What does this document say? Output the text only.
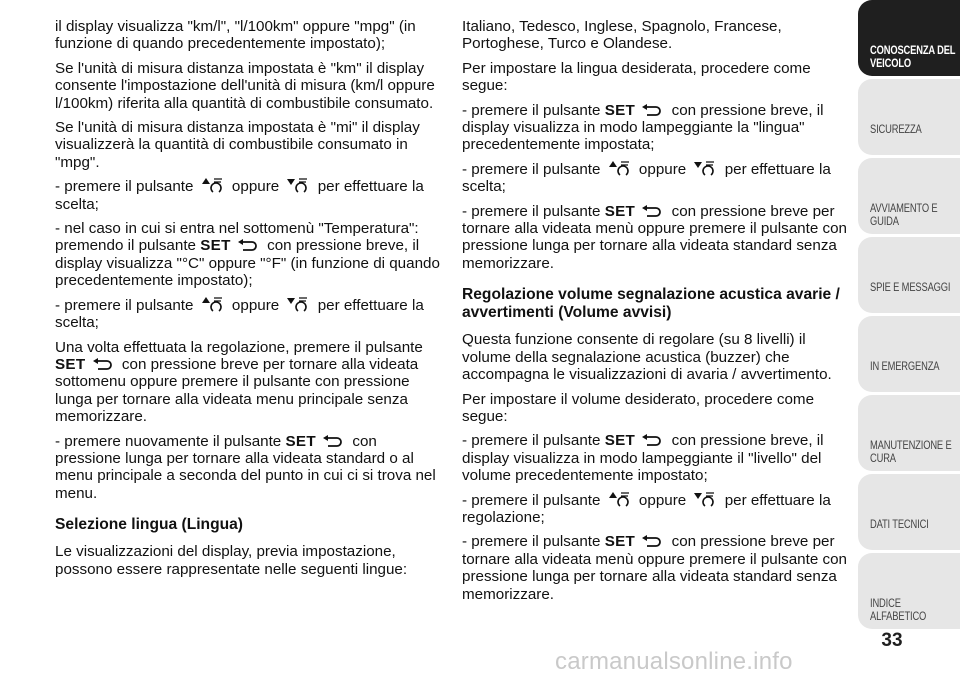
il display visualizza "km/l", "l/100km" oppure "mpg" (in funzione di quando precedentemente impostato);

Se l'unità di misura distanza impostata è "km" il display consente l'impostazione dell'unità di misura (km/l oppure l/100km) riferita alla quantità di combustibile consumato.

Se l'unità di misura distanza impostata è "mi" il display visualizzerà la quantità di combustibile consumato in "mpg".

- premere il pulsante	oppure	per effettuare la scelta;

- nel caso in cui si entra nel sottomenù "Temperatura": premendo il pulsante SET con pressione breve, il display visualizza "°C" oppure "°F" (in funzione di quando precedentemente impostato);

- premere il pulsante	oppure	per effettuare la scelta;

Una volta effettuata la regolazione, premere il pulsante SET con pressione breve per tornare alla videata sottomenu oppure premere il pulsante con pressione lunga per tornare alla videata menu principale senza memorizzare.

- premere nuovamente il pulsante SET con pressione lunga per tornare alla videata standard o al menu principale a seconda del punto in cui ci si trova nel menu.

Selezione lingua (Lingua)

Le visualizzazioni del display, previa impostazione, possono essere rappresentate nelle seguenti lingue:

Italiano, Tedesco, Inglese, Spagnolo, Francese, Portoghese, Turco e Olandese.

Per impostare la lingua desiderata, procedere come segue:

- premere il pulsante SET con pressione breve, il display visualizza in modo lampeggiante la "lingua" precedentemente impostata;

- premere il pulsante	oppure	per effettuare la scelta;

- premere il pulsante SET con pressione breve per tornare alla videata menù oppure premere il pulsante con pressione lunga per tornare alla videata standard senza memorizzare.

Regolazione volume segnalazione acustica avarie / avvertimenti (Volume avvisi)

Questa funzione consente di regolare (su 8 livelli) il volume della segnalazione acustica (buzzer) che accompagna le visualizzazioni di avaria / avvertimento.

Per impostare il volume desiderato, procedere come segue:

- premere il pulsante SET con pressione breve, il display visualizza in modo lampeggiante il "livello" del volume precedentemente impostato;

- premere il pulsante	oppure	per effettuare la regolazione;

- premere il pulsante SET con pressione breve per tornare alla videata menù oppure premere il pulsante con pressione lunga per tornare alla videata standard senza memorizzare.

CONOSCENZA DEL VEICOLO
SICUREZZA
AVVIAMENTO E GUIDA
SPIE E MESSAGGI
IN EMERGENZA
MANUTENZIONE E CURA
DATI TECNICI
INDICE ALFABETICO
33
carmanualsonline.info
